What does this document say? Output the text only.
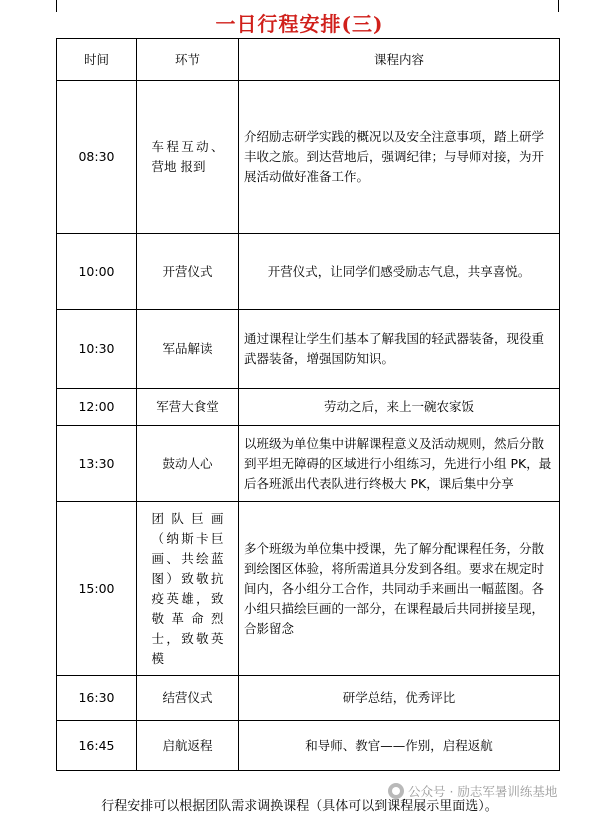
一日行程安排(三)
时间	环节	课程内容
08:30	车程互动、营地 报到	介绍励志研学实践的概况以及安全注意事项，踏上研学丰收之旅。到达营地后，强调纪律；与导师对接，为开展活动做好准备工作。
10:00	开营仪式	开营仪式，让同学们感受励志气息，共享喜悦。
10:30	军品解读	通过课程让学生们基本了解我国的轻武器装备，现役重武器装备，增强国防知识。
12:00	军营大食堂	劳动之后，来上一碗农家饭
13:30	鼓动人心	以班级为单位集中讲解课程意义及活动规则，然后分散到平坦无障碍的区域进行小组练习，先进行小组 PK，最后各班派出代表队进行终极大 PK，课后集中分享
15:00	团队巨画（纳斯卡巨画、共绘蓝图）致敬抗疫英雄，致敬革命烈士，致敬英模	多个班级为单位集中授课，先了解分配课程任务，分散到绘图区体验，将所需道具分发到各组。要求在规定时间内，各小组分工合作，共同动手来画出一幅蓝图。各小组只描绘巨画的一部分，在课程最后共同拼接呈现，合影留念
16:30	结营仪式	研学总结，优秀评比
16:45	启航返程	和导师、教官——作别，启程返航
公众号 · 励志军暑训练基地
行程安排可以根据团队需求调换课程（具体可以到课程展示里面选）。
